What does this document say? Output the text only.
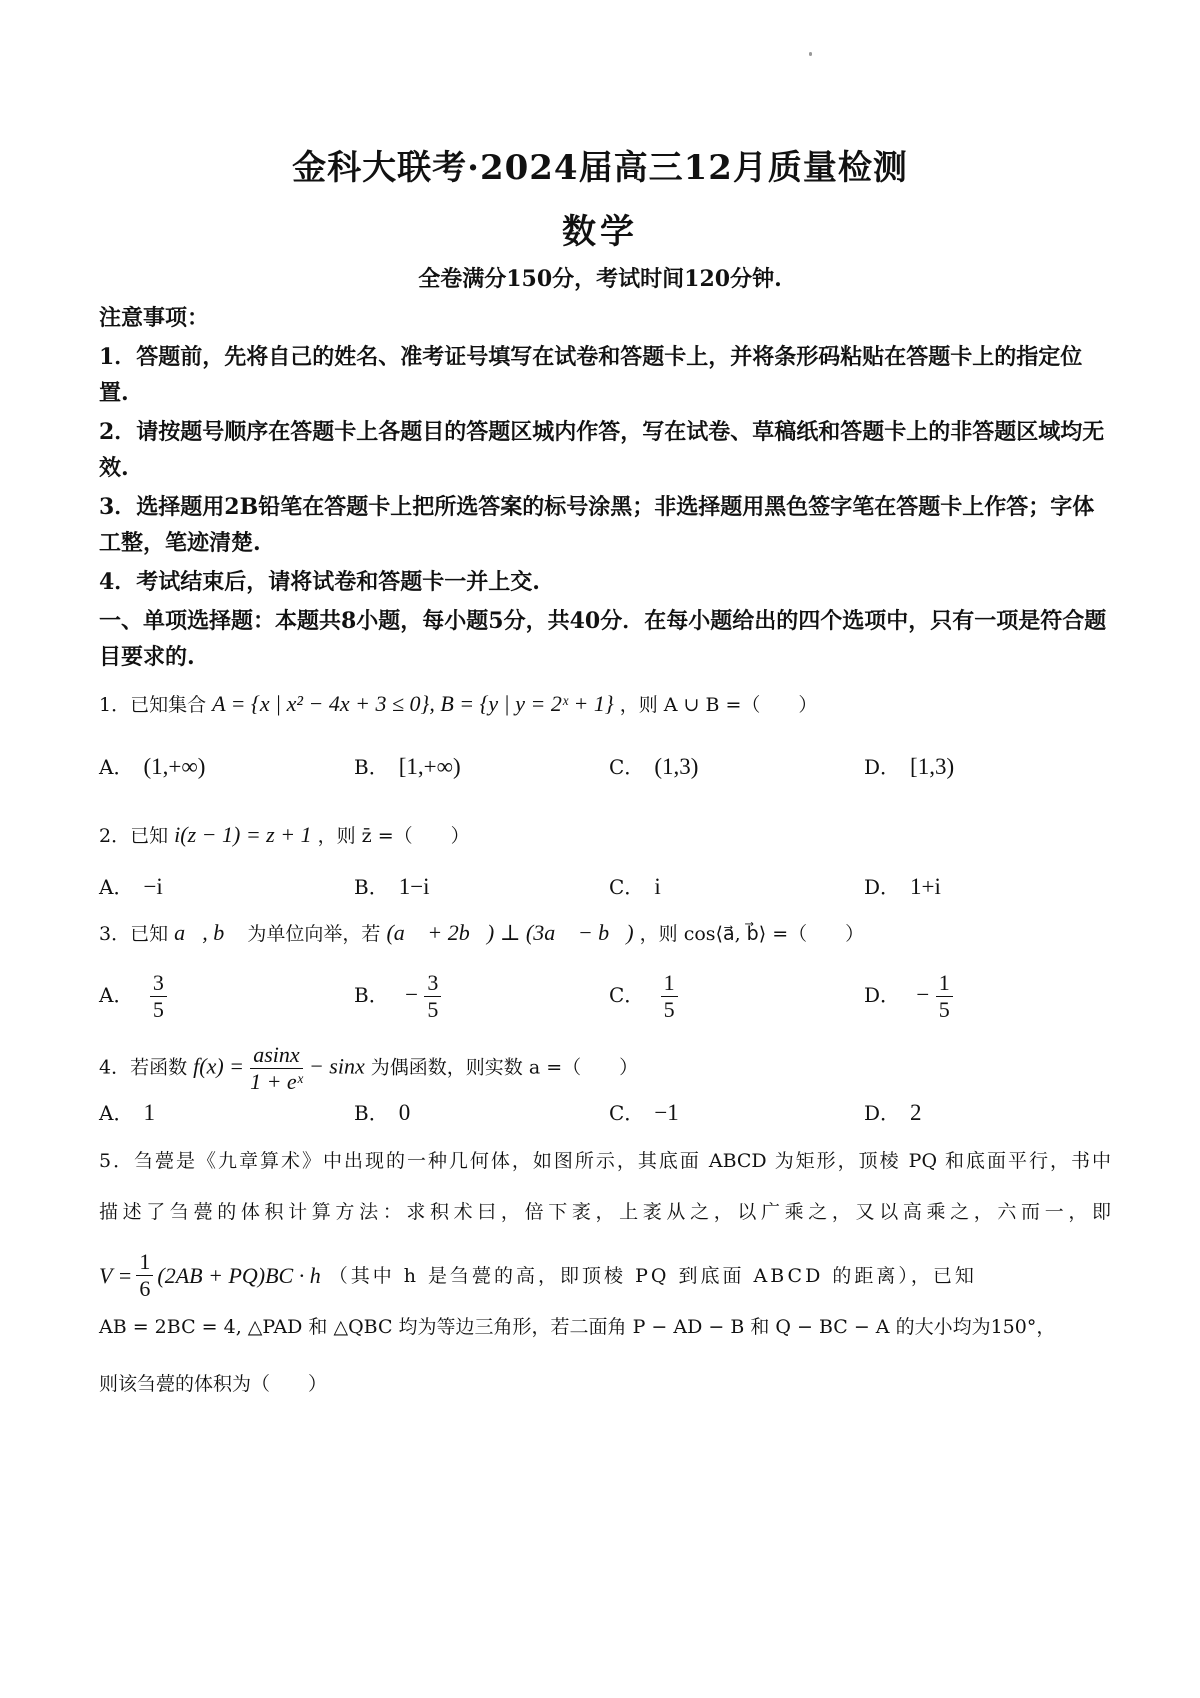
金科大联考·2024届高三12月质量检测
数学
全卷满分150分，考试时间120分钟.

注意事项：

1．答题前，先将自己的姓名、准考证号填写在试卷和答题卡上，并将条形码粘贴在答题卡上的指定位置.

2．请按题号顺序在答题卡上各题目的答题区城内作答，写在试卷、草稿纸和答题卡上的非答题区域均无效.

3．选择题用2B铅笔在答题卡上把所选答案的标号涂黑；非选择题用黑色签字笔在答题卡上作答；字体工整，笔迹清楚.

4．考试结束后，请将试卷和答题卡一并上交.

一、单项选择题：本题共8小题，每小题5分，共40分．在每小题给出的四个选项中，只有一项是符合题目要求的.

1．已知集合 A = {x | x² − 4x + 3 ≤ 0}, B = {y | y = 2ˣ + 1} ，则 A ∪ B =（　　）
A． (1,+∞)	B． [1,+∞)	C． (1,3)	D． [1,3)
2．已知 i(z − 1) = z + 1 ，则 z̄ =（　　）
A． −i	B． 1−i	C． i	D． 1+i
3．已知 a⃗, b⃗ 为单位向举，若 (a⃗ + 2b⃗) ⊥ (3a⃗ − b⃗) ，则 cos⟨a⃗, b⃗⟩ =（　　）
A． $\frac{3}{5}$	B． − $\frac{3}{5}$	C． $\frac{1}{5}$	D． − $\frac{1}{5}$
4．若函数 $f(x) = \frac{asinx}{\text{1 + eˣ}} - \sin x$ 为偶函数，则实数 a =（　　）
A． 1	B． 0	C． −1	D． 2
5．刍甍是《九章算术》中出现的一种几何体，如图所示，其底面 ABCD 为矩形，顶棱 PQ 和底面平行，书中
描述了刍甍的体积计算方法：求积术曰，倍下袤，上袤从之，以广乘之，又以高乘之，六而一，即
$V = \frac{1}{6} (2AB + PQ)BC \cdot h$ （其中 h 是刍甍的高，即顶棱 PQ 到底面 ABCD 的距离），已知
AB = 2BC = 4, △PAD 和 △QBC 均为等边三角形，若二面角 P − AD − B 和 Q − BC − A 的大小均为150°，
则该刍甍的体积为（　　）
